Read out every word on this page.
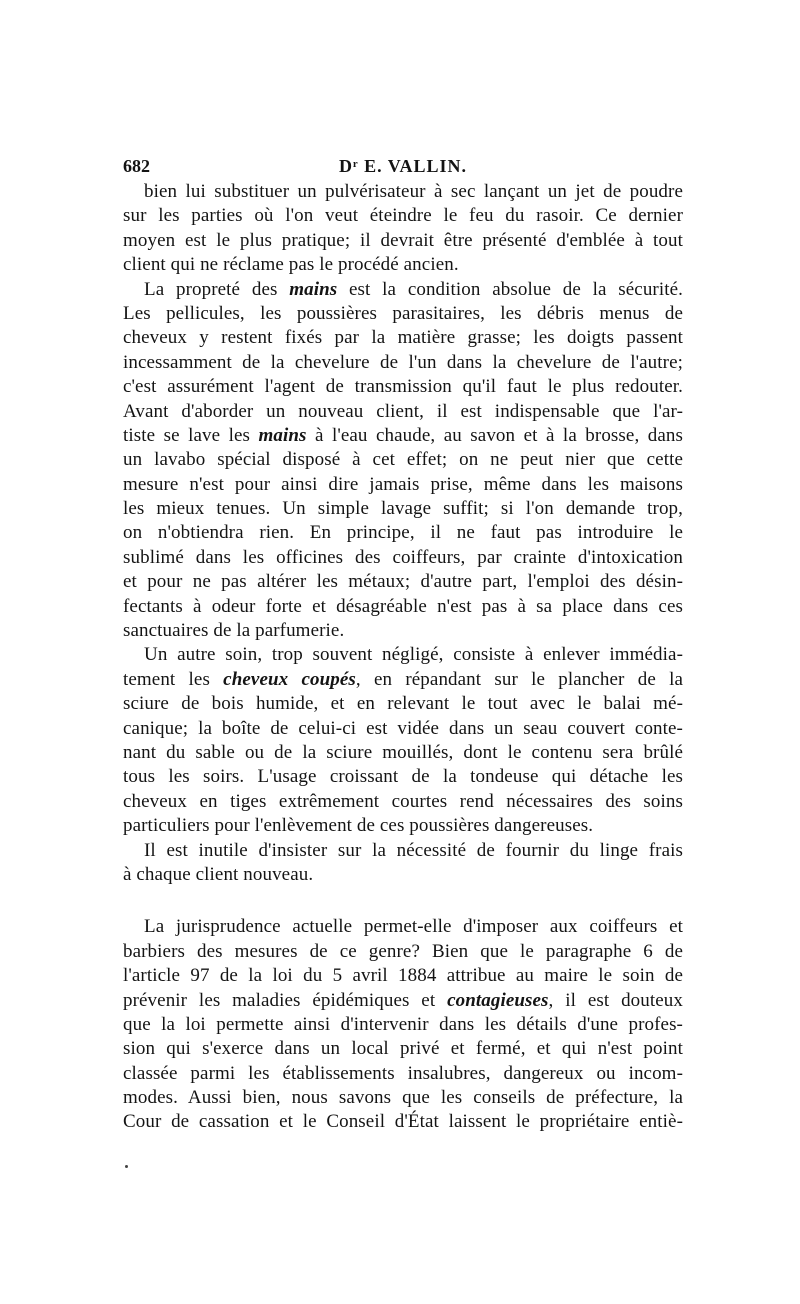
682	Dʳ E. VALLIN.
bien lui substituer un pulvérisateur à sec lançant un jet de poudre
sur les parties où l'on veut éteindre le feu du rasoir. Ce dernier
moyen est le plus pratique; il devrait être présenté d'emblée à tout
client qui ne réclame pas le procédé ancien.
La propreté des mains est la condition absolue de la sécurité.
Les pellicules, les poussières parasitaires, les débris menus de
cheveux y restent fixés par la matière grasse; les doigts passent
incessamment de la chevelure de l'un dans la chevelure de l'autre;
c'est assurément l'agent de transmission qu'il faut le plus redouter.
Avant d'aborder un nouveau client, il est indispensable que l'ar-
tiste se lave les mains à l'eau chaude, au savon et à la brosse, dans
un lavabo spécial disposé à cet effet; on ne peut nier que cette
mesure n'est pour ainsi dire jamais prise, même dans les maisons
les mieux tenues. Un simple lavage suffit; si l'on demande trop,
on n'obtiendra rien. En principe, il ne faut pas introduire le
sublimé dans les officines des coiffeurs, par crainte d'intoxication
et pour ne pas altérer les métaux; d'autre part, l'emploi des désin-
fectants à odeur forte et désagréable n'est pas à sa place dans ces
sanctuaires de la parfumerie.
Un autre soin, trop souvent négligé, consiste à enlever immédia-
tement les cheveux coupés, en répandant sur le plancher de la
sciure de bois humide, et en relevant le tout avec le balai mé-
canique; la boîte de celui-ci est vidée dans un seau couvert conte-
nant du sable ou de la sciure mouillés, dont le contenu sera brûlé
tous les soirs. L'usage croissant de la tondeuse qui détache les
cheveux en tiges extrêmement courtes rend nécessaires des soins
particuliers pour l'enlèvement de ces poussières dangereuses.
Il est inutile d'insister sur la nécessité de fournir du linge frais
à chaque client nouveau.
La jurisprudence actuelle permet-elle d'imposer aux coiffeurs et
barbiers des mesures de ce genre? Bien que le paragraphe 6 de
l'article 97 de la loi du 5 avril 1884 attribue au maire le soin de
prévenir les maladies épidémiques et contagieuses, il est douteux
que la loi permette ainsi d'intervenir dans les détails d'une profes-
sion qui s'exerce dans un local privé et fermé, et qui n'est point
classée parmi les établissements insalubres, dangereux ou incom-
modes. Aussi bien, nous savons que les conseils de préfecture, la
Cour de cassation et le Conseil d'État laissent le propriétaire entiè-
